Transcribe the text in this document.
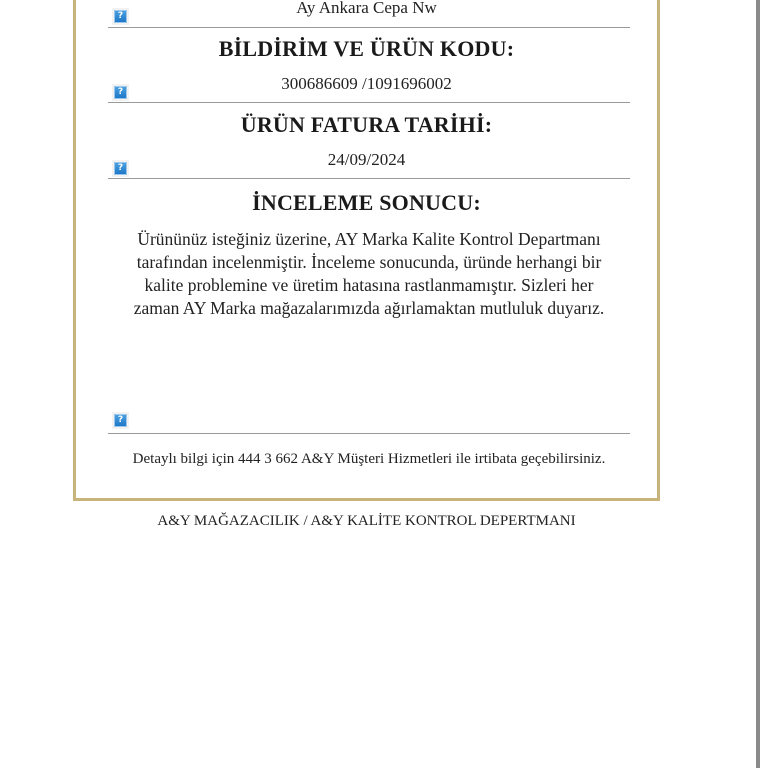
Ay Ankara Cepa Nw
?
BİLDİRİM VE ÜRÜN KODU:
300686609 /1091696002
?
ÜRÜN FATURA TARİHİ:
24/09/2024
?
İNCELEME SONUCU:
Ürününüz isteğiniz üzerine, AY Marka Kalite Kontrol Departmanı tarafından incelenmiştir. İnceleme sonucunda, üründe herhangi bir kalite problemine ve üretim hatasına rastlanmamıştır. Sizleri her zaman AY Marka mağazalarımızda ağırlamaktan mutluluk duyarız.
?
Detaylı bilgi için 444 3 662 A&Y Müşteri Hizmetleri ile irtibata geçebilirsiniz.
A&Y MAĞAZACILIK / A&Y KALİTE KONTROL DEPERTMANI
